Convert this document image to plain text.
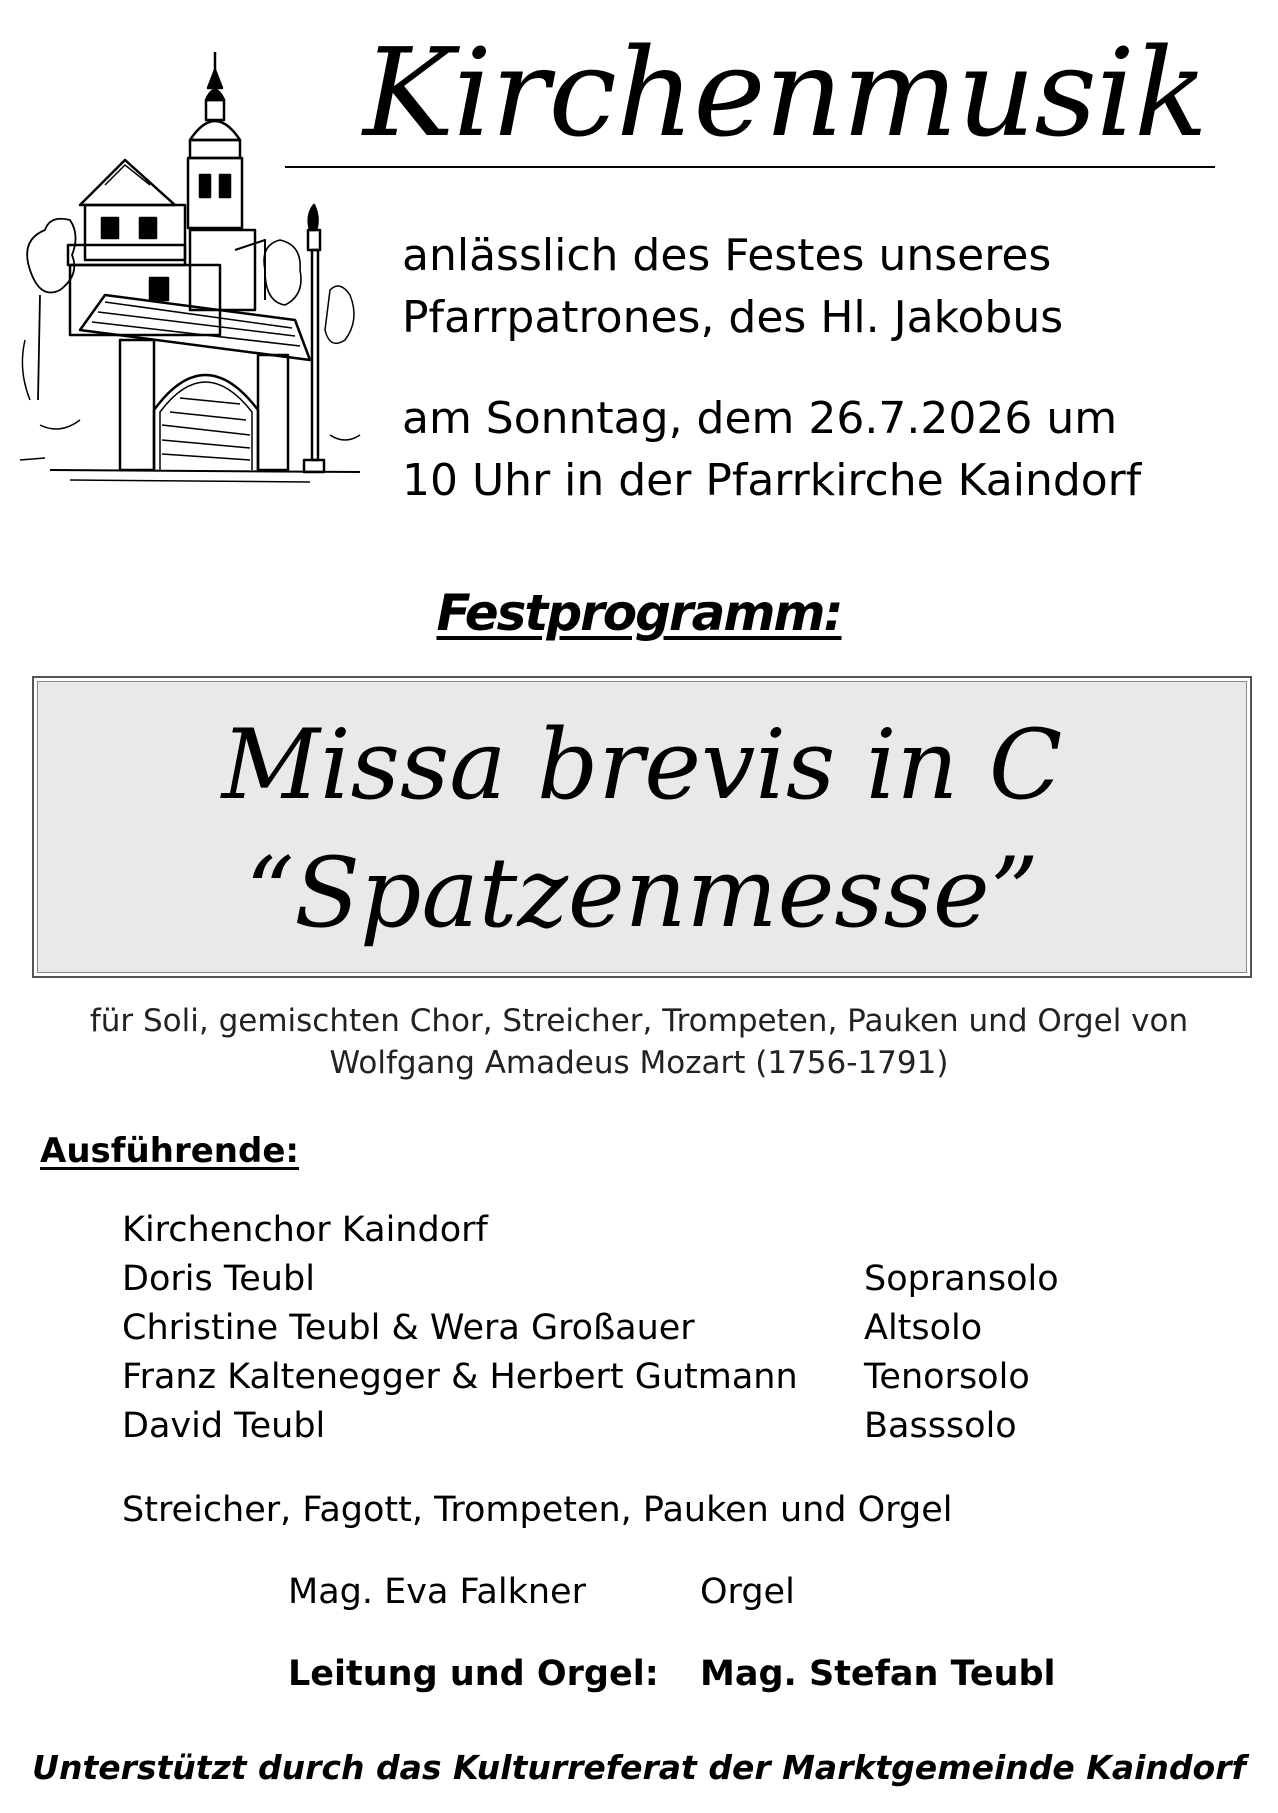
Kirchenmusik
anlässlich des Festes unseres
Pfarrpatrones, des Hl. Jakobus
am Sonntag, dem 26.7.2026 um
10 Uhr in der Pfarrkirche Kaindorf
Festprogramm:
Missa brevis in C
“Spatzenmesse”
für Soli, gemischten Chor, Streicher, Trompeten, Pauken und Orgel von
Wolfgang Amadeus Mozart (1756-1791)
Ausführende:
Kirchenchor Kaindorf
Doris Teubl	Sopransolo
Christine Teubl & Wera Großauer	Altsolo
Franz Kaltenegger & Herbert Gutmann Tenorsolo
David Teubl	Basssolo
Streicher, Fagott, Trompeten, Pauken und Orgel
Mag. Eva Falkner	Orgel
Leitung und Orgel: Mag. Stefan Teubl
Unterstützt durch das Kulturreferat der Marktgemeinde Kaindorf
